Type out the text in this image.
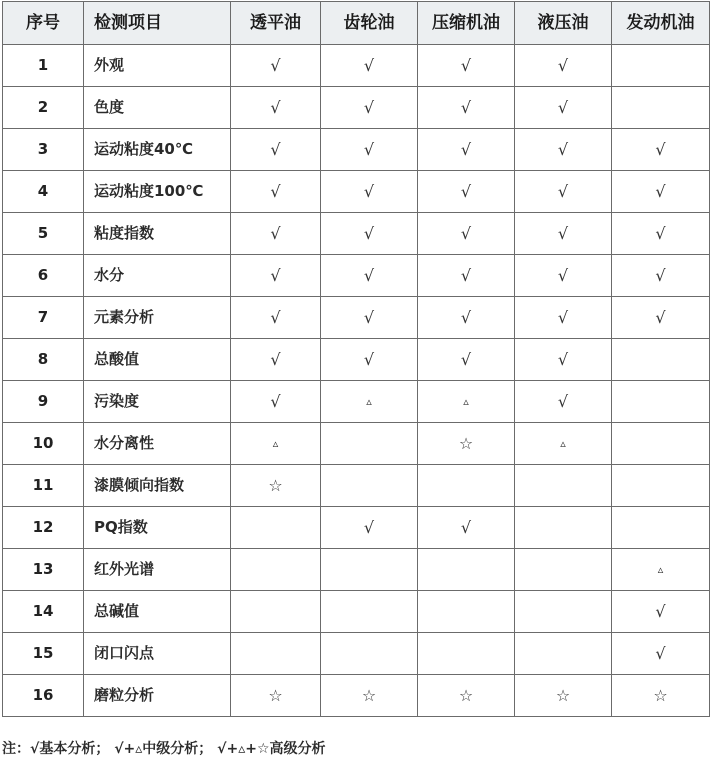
序号	检测项目	透平油	齿轮油	压缩机油	液压油	发动机油
1	外观	√	√	√	√	
2	色度	√	√	√	√	
3	运动粘度40℃	√	√	√	√	√
4	运动粘度100℃	√	√	√	√	√
5	粘度指数	√	√	√	√	√
6	水分	√	√	√	√	√
7	元素分析	√	√	√	√	√
8	总酸值	√	√	√	√	
9	污染度	√	▵	▵	√	
10	水分离性	▵		☆	▵	
11	漆膜倾向指数	☆				
12	PQ指数		√	√		
13	红外光谱					▵
14	总碱值					√
15	闭口闪点					√
16	磨粒分析	☆	☆	☆	☆	☆
注：√基本分析； √+▵中级分析； √+▵+☆高级分析
